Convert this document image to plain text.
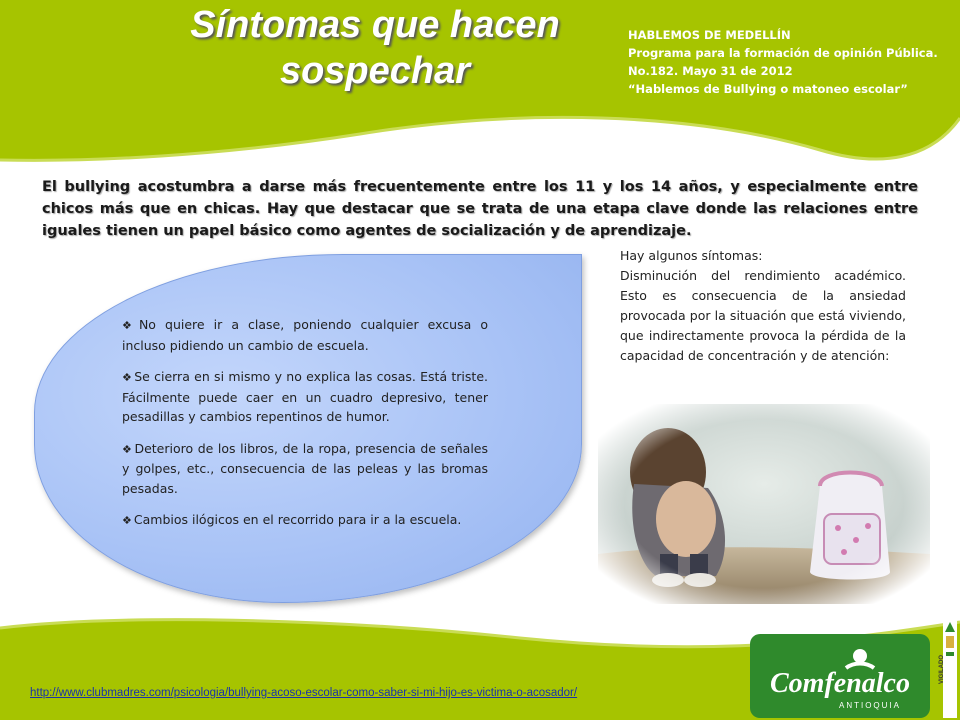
Síntomas que hacen
sospechar
HABLEMOS DE MEDELLÍN
Programa para la formación de opinión Pública.
No.182. Mayo 31 de 2012
“Hablemos de Bullying o matoneo escolar”
El bullying acostumbra a darse más frecuentemente entre los 11 y los 14 años, y especialmente entre chicos más que en chicas. Hay que destacar que se trata de una etapa clave donde las relaciones entre iguales tienen un papel básico como agentes de socialización y de aprendizaje.

❖ No quiere ir a clase, poniendo cualquier excusa o incluso pidiendo un cambio de escuela.

❖ Se cierra en si mismo y no explica las cosas. Está triste. Fácilmente puede caer en un cuadro depresivo, tener pesadillas y cambios repentinos de humor.

❖ Deterioro de los libros, de la ropa, presencia de señales y golpes, etc., consecuencia de las peleas y las bromas pesadas.

❖ Cambios ilógicos en el recorrido para ir a la escuela.

Hay algunos síntomas:
Disminución del rendimiento académico. Esto es consecuencia de la ansiedad provocada por la situación que está viviendo, que indirectamente provoca la pérdida de la capacidad de concentración y de atención:
http://www.clubmadres.com/psicologia/bullying-acoso-escolar-como-saber-si-mi-hijo-es-victima-o-acosador/	Comfenalco
ANTIOQUIA
VIGILADO
